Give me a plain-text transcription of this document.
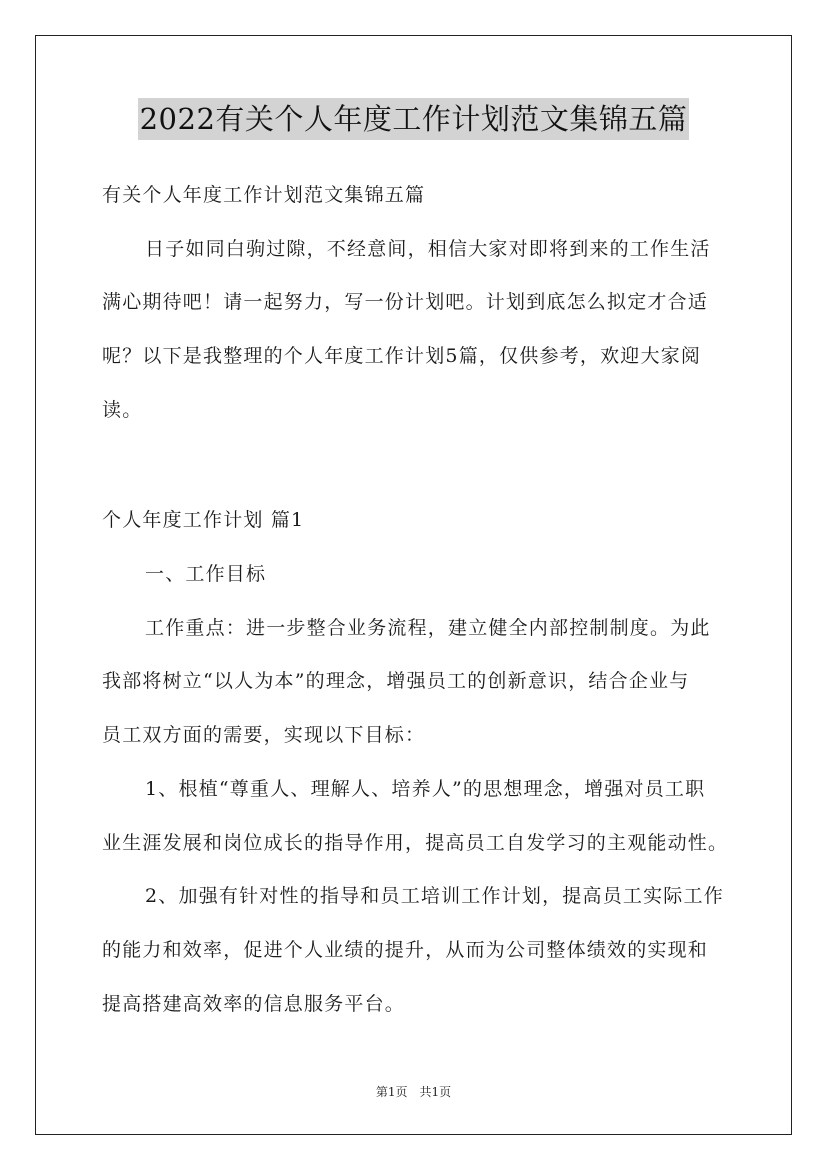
2022有关个人年度工作计划范文集锦五篇
有关个人年度工作计划范文集锦五篇
日子如同白驹过隙，不经意间，相信大家对即将到来的工作生活
满心期待吧！请一起努力，写一份计划吧。计划到底怎么拟定才合适
呢？以下是我整理的个人年度工作计划5篇，仅供参考，欢迎大家阅
读。
个人年度工作计划 篇1
一、工作目标
工作重点：进一步整合业务流程，建立健全内部控制制度。为此
我部将树立“以人为本”的理念，增强员工的创新意识，结合企业与
员工双方面的需要，实现以下目标：
1、根植“尊重人、理解人、培养人”的思想理念，增强对员工职
业生涯发展和岗位成长的指导作用，提高员工自发学习的主观能动性。
2、加强有针对性的指导和员工培训工作计划，提高员工实际工作
的能力和效率，促进个人业绩的提升，从而为公司整体绩效的实现和
提高搭建高效率的信息服务平台。
第1页　共1页
